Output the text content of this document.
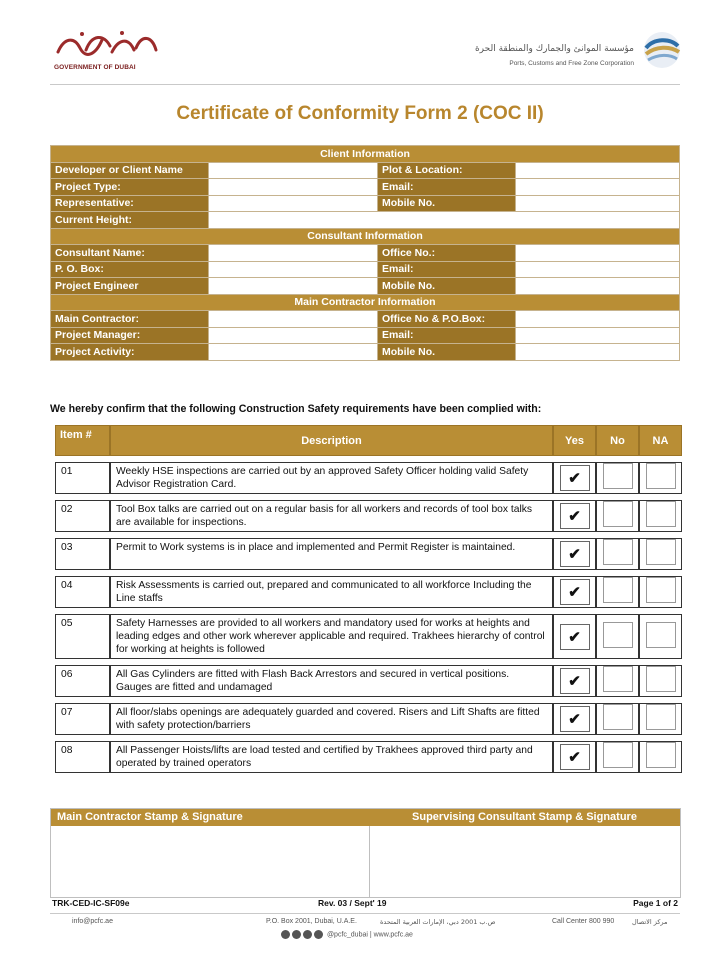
GOVERNMENT OF DUBAI
مؤسسة الموانئ والجمارك والمنطقة الحرة
Ports, Customs and Free Zone Corporation
Certificate of Conformity Form 2 (COC II)
Client Information			
Developer or Client Name		Plot & Location:	
Project Type:		Email:	
Representative:		Mobile No.	
Current Height:			
Consultant Information			
Consultant Name:		Office No.:	
P. O. Box:		Email:	
Project Engineer		Mobile No.	
Main Contractor Information			
Main Contractor:		Office No & P.O.Box:	
Project Manager:		Email:	
Project Activity:		Mobile No.	
We hereby confirm that the following Construction Safety requirements have been complied with:
Item #	Description	Yes	No	NA

01	Weekly HSE inspections are carried out by an approved Safety Officer holding valid Safety Advisor Registration Card.	✔		

02	Tool Box talks are carried out on a regular basis for all workers and records of tool box talks are available for inspections.	✔		

03	Permit to Work systems is in place and implemented and Permit Register is maintained.	✔		

04	Risk Assessments is carried out, prepared and communicated to all workforce Including the Line staffs	✔		

05	Safety Harnesses are provided to all workers and mandatory used for works at heights and leading edges and other work wherever applicable and required. Trakhees hierarchy of control for working at heights is followed	✔		

06	All Gas Cylinders are fitted with Flash Back Arrestors and secured in vertical positions. Gauges are fitted and undamaged	✔		

07	All floor/slabs openings are adequately guarded and covered. Risers and Lift Shafts are fitted with safety protection/barriers	✔		

08	All Passenger Hoists/lifts are load tested and certified by Trakhees approved third party and operated by trained operators	✔		
Main Contractor Stamp & Signature	Supervising Consultant Stamp & Signature
TRK-CED-IC-SF09e	Rev. 03 / Sept' 19	Page 1 of 2
info@pcfc.ae	P.O. Box 2001, Dubai, U.A.E.	ص.ب 2001 دبي، الإمارات العربية المتحدة	Call Center 800 990	مركز الاتصال
@pcfc_dubai | www.pcfc.ae
